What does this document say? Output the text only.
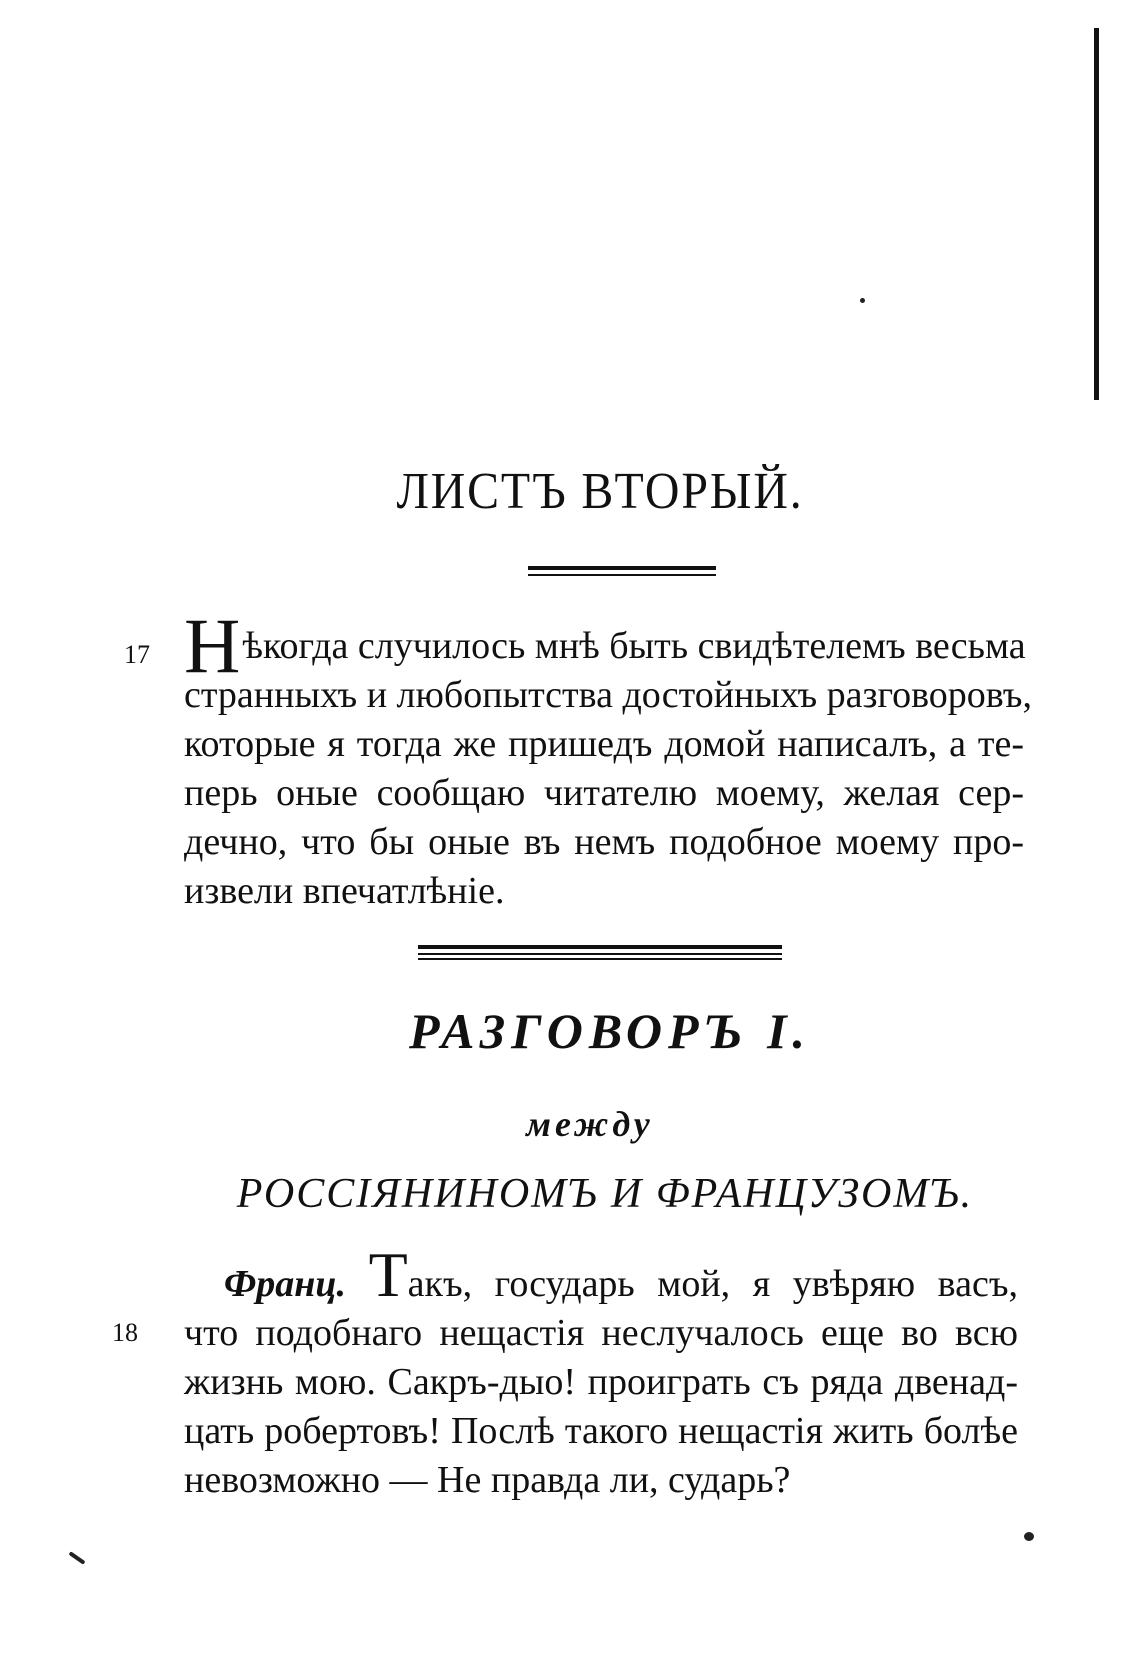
ЛИСТЪ ВТОРЫЙ.
17 Н ѣкогда случилось мнѣ быть свидѣтелемъ весьма
странныхъ и любопытства достойныхъ разговоровъ,
которые я тогда же пришедъ домой написалъ, а те-
перь оные сообщаю читателю моему, желая сер-
дечно, что бы оные въ немъ подобное моему про-
извели впечатлѣніе.
РАЗГОВОРЪ I.
между
РОССІЯНИНОМЪ И ФРАНЦУЗОМЪ.
18
Франц. Такъ, государь мой, я увѣряю васъ,
что подобнаго нещастія неслучалось еще во всю
жизнь мою. Сакръ-дыо! проиграть съ ряда двенад-
цать робертовъ! Послѣ такого нещастія жить болѣе
невозможно — Не правда ли, сударь?
